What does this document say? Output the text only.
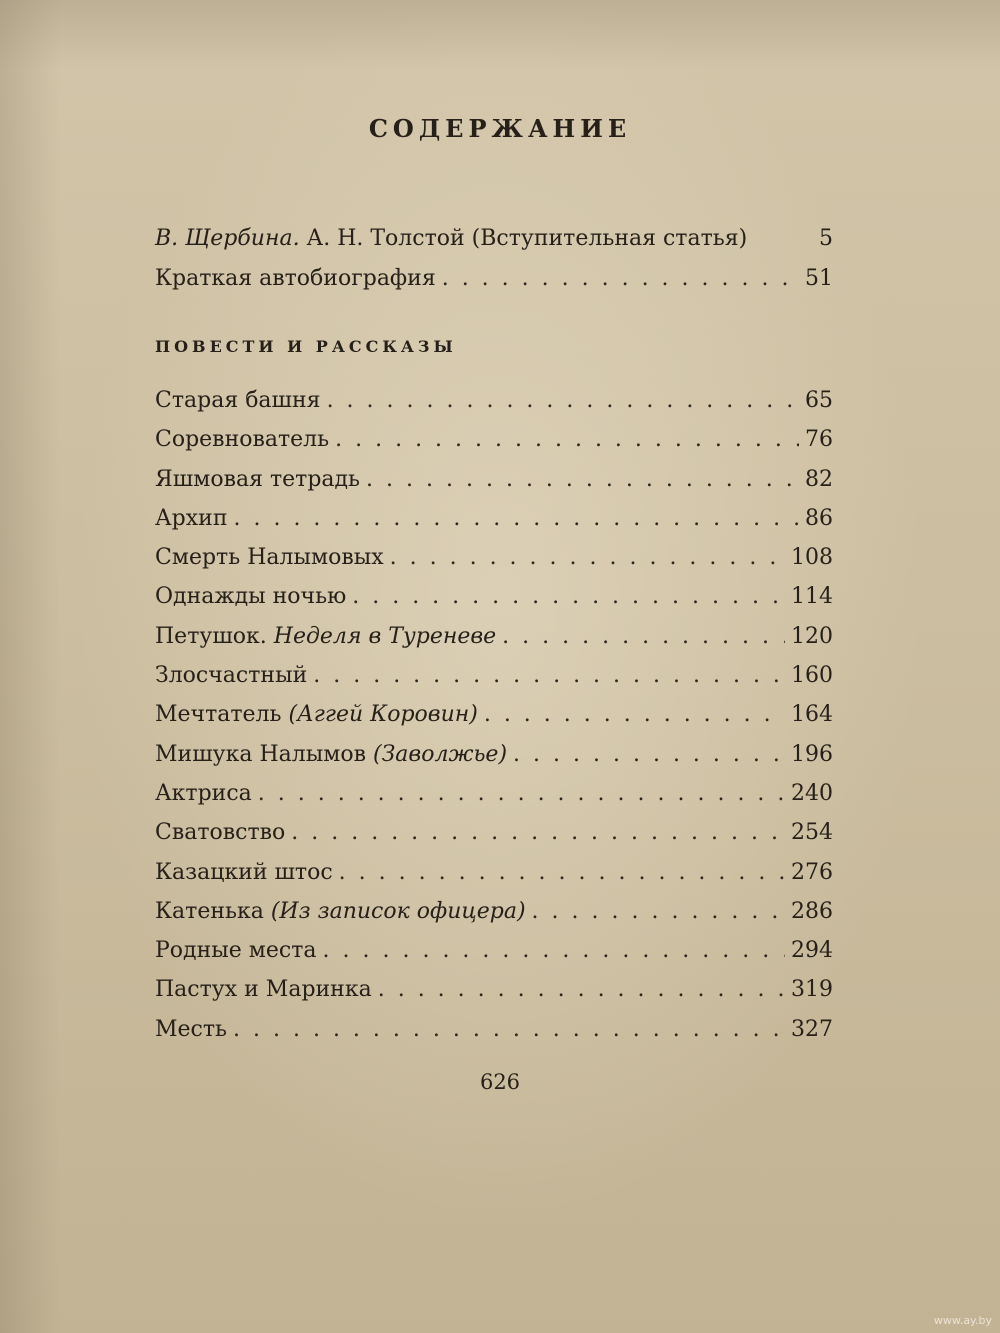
СОДЕРЖАНИЕ
В. Щербина. А. Н. Толстой (Вступительная статья)	5
Краткая автобиография . . .	51
ПОВЕСТИ И РАССКАЗЫ
Старая башня . . .	65
Соревнователь . . .	76
Яшмовая тетрадь . . .	82
Архип . . .	86
Смерть Налымовых . . .	108
Однажды ночью . . .	114
Петушок. Неделя в Туреневе . . .	120
Злосчастный . . .	160
Мечтатель (Аггей Коровин) . . .	164
Мишука Налымов (Заволжье) . . .	196
Актриса . . .	240
Сватовство . . .	254
Казацкий штос . . .	276
Катенька (Из записок офицера) . . .	286
Родные места . . .	294
Пастух и Маринка . . .	319
Месть . . .	327
626
www.ay.by
